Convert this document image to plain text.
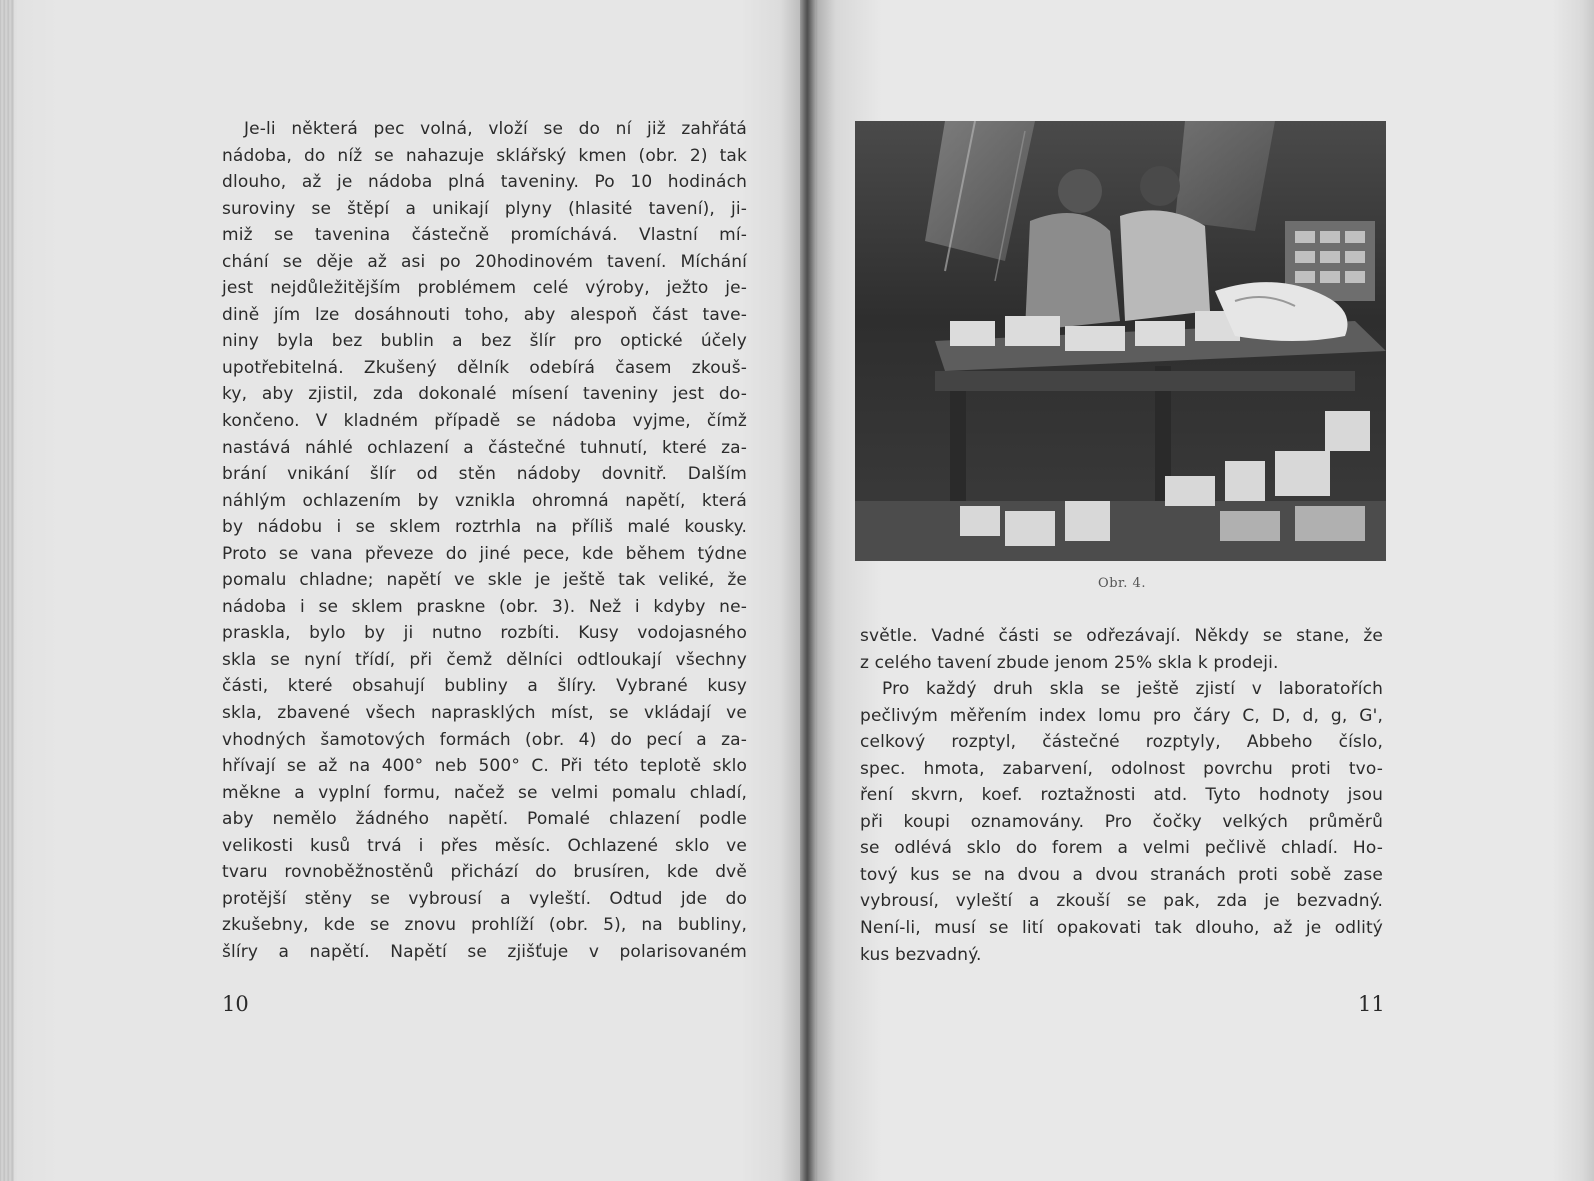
Je-li některá pec volná, vloží se do ní již zahřátá
nádoba, do níž se nahazuje sklářský kmen (obr. 2) tak
dlouho, až je nádoba plná taveniny. Po 10 hodinách
suroviny se štěpí a unikají plyny (hlasité tavení), ji-
miž se tavenina částečně promíchává. Vlastní mí-
chání se děje až asi po 20hodinovém tavení. Míchání
jest nejdůležitějším problémem celé výroby, ježto je-
dině jím lze dosáhnouti toho, aby alespoň část tave-
niny byla bez bublin a bez šlír pro optické účely
upotřebitelná. Zkušený dělník odebírá časem zkouš-
ky, aby zjistil, zda dokonalé mísení taveniny jest do-
končeno. V kladném případě se nádoba vyjme, čímž
nastává náhlé ochlazení a částečné tuhnutí, které za-
brání vnikání šlír od stěn nádoby dovnitř. Dalším
náhlým ochlazením by vznikla ohromná napětí, která
by nádobu i se sklem roztrhla na příliš malé kousky.
Proto se vana převeze do jiné pece, kde během týdne
pomalu chladne; napětí ve skle je ještě tak veliké, že
nádoba i se sklem praskne (obr. 3). Než i kdyby ne-
praskla, bylo by ji nutno rozbíti. Kusy vodojasného
skla se nyní třídí, při čemž dělníci odtloukají všechny
části, které obsahují bubliny a šlíry. Vybrané kusy
skla, zbavené všech naprasklých míst, se vkládají ve
vhodných šamotových formách (obr. 4) do pecí a za-
hřívají se až na 400° neb 500° C. Při této teplotě sklo
měkne a vyplní formu, načež se velmi pomalu chladí,
aby nemělo žádného napětí. Pomalé chlazení podle
velikosti kusů trvá i přes měsíc. Ochlazené sklo ve
tvaru rovnoběžnostěnů přichází do brusíren, kde dvě
protější stěny se vybrousí a vyleští. Odtud jde do
zkušebny, kde se znovu prohlíží (obr. 5), na bubliny,
šlíry a napětí. Napětí se zjišťuje v polarisovaném
10
Obr. 4.
světle. Vadné části se odřezávají. Někdy se stane, že
z celého tavení zbude jenom 25% skla k prodeji.
Pro každý druh skla se ještě zjistí v laboratořích
pečlivým měřením index lomu pro čáry C, D, d, g, G',
celkový rozptyl, částečné rozptyly, Abbeho číslo,
spec. hmota, zabarvení, odolnost povrchu proti tvo-
ření skvrn, koef. roztažnosti atd. Tyto hodnoty jsou
při koupi oznamovány. Pro čočky velkých průměrů
se odlévá sklo do forem a velmi pečlivě chladí. Ho-
tový kus se na dvou a dvou stranách proti sobě zase
vybrousí, vyleští a zkouší se pak, zda je bezvadný.
Není-li, musí se lití opakovati tak dlouho, až je odlitý
kus bezvadný.
11
